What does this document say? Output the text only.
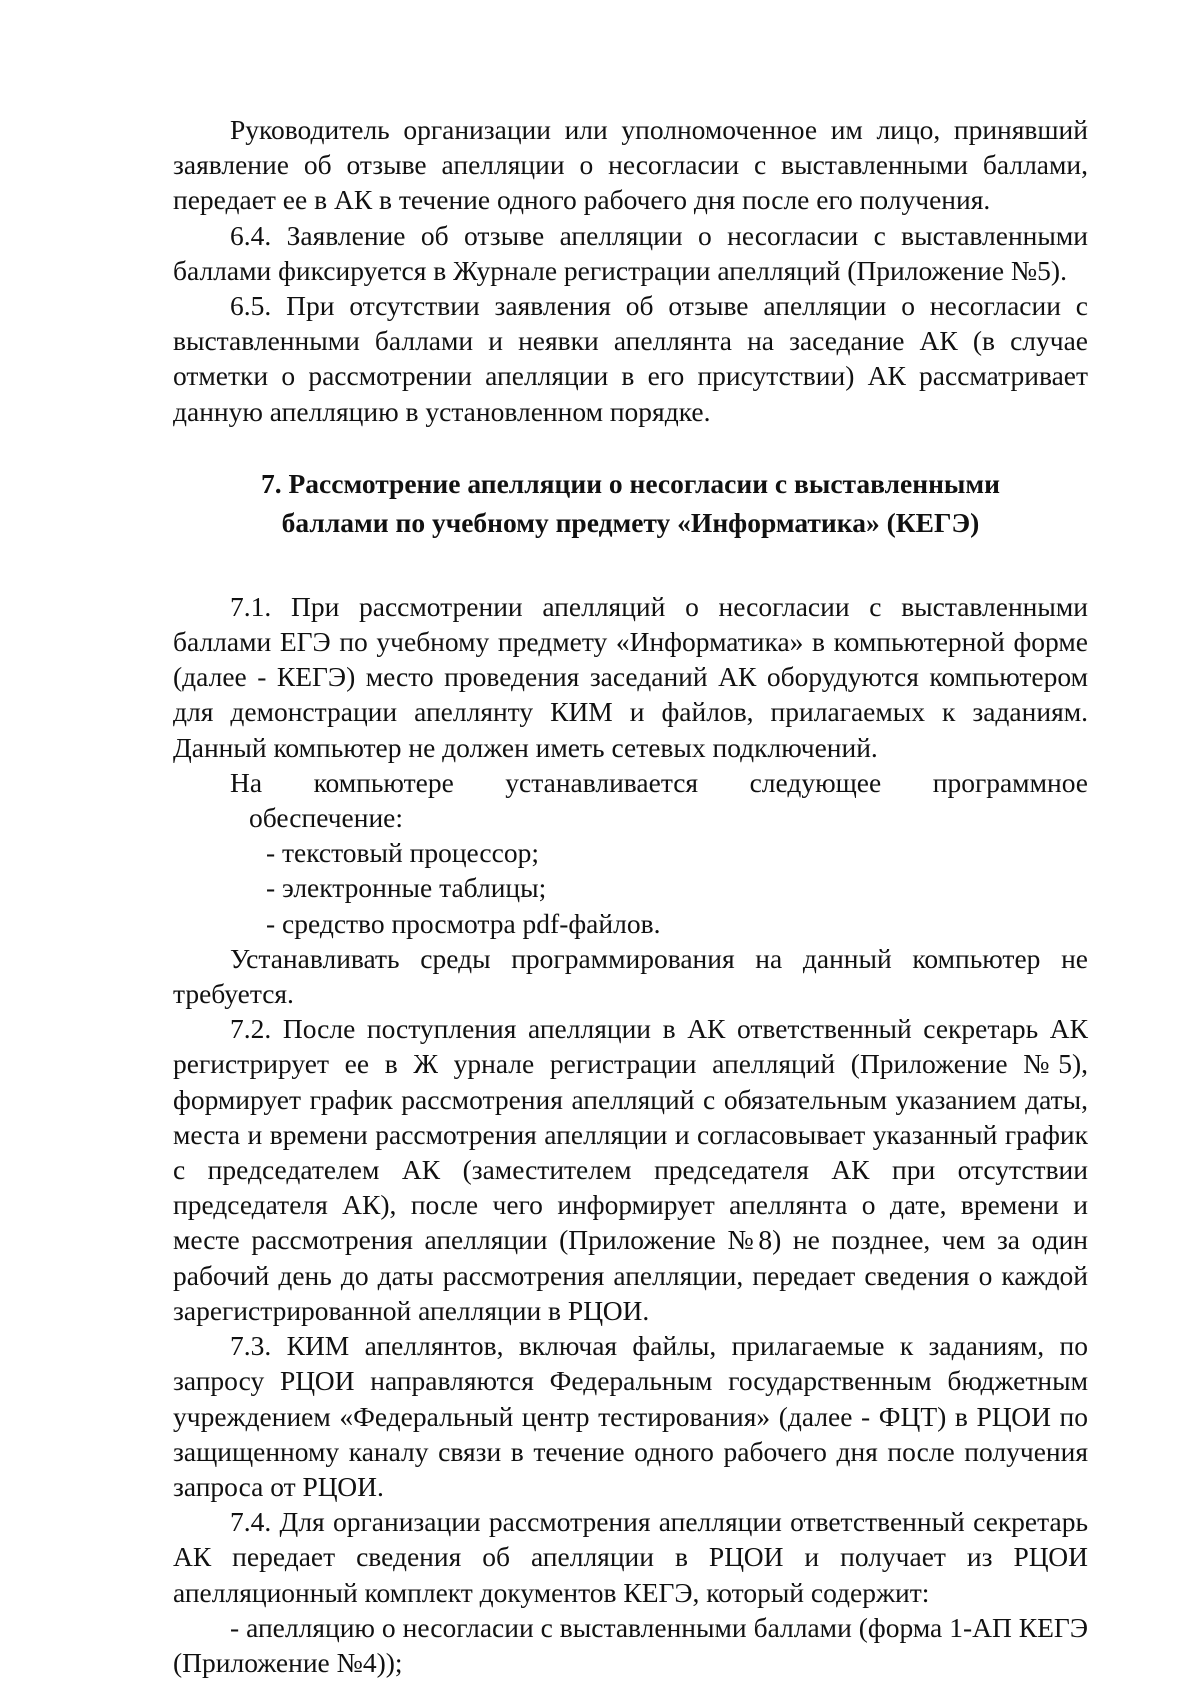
Руководитель организации или уполномоченное им лицо, принявший заявление об отзыве апелляции о несогласии с выставленными баллами, передает ее в АК в течение одного рабочего дня после его получения.

6.4. Заявление об отзыве апелляции о несогласии с выставленными баллами фиксируется в Журнале регистрации апелляций (Приложение №5).

6.5. При отсутствии заявления об отзыве апелляции о несогласии с выставленными баллами и неявки апеллянта на заседание АК (в случае отметки о рассмотрении апелляции в его присутствии) АК рассматривает данную апелляцию в установленном порядке.

7. Рассмотрение апелляции о несогласии с выставленными

баллами по учебному предмету «Информатика» (КЕГЭ)

7.1. При рассмотрении апелляций о несогласии с выставленными баллами ЕГЭ по учебному предмету «Информатика» в компьютерной форме (далее - КЕГЭ) место проведения заседаний АК оборудуются компьютером для демонстрации апеллянту КИМ и файлов, прилагаемых к заданиям. Данный компьютер не должен иметь сетевых подключений.

На компьютере устанавливается следующее программное

обеспечение:

- текстовый процессор;

- электронные таблицы;

- средство просмотра pdf-файлов.

Устанавливать среды программирования на данный компьютер не требуется.

7.2. После поступления апелляции в АК ответственный секретарь АК регистрирует ее в Ж урнале регистрации апелляций (Приложение №5), формирует график рассмотрения апелляций с обязательным указанием даты, места и времени рассмотрения апелляции и согласовывает указанный график с председателем АК (заместителем председателя АК при отсутствии председателя АК), после чего информирует апеллянта о дате, времени и месте рассмотрения апелляции (Приложение №8) не позднее, чем за один рабочий день до даты рассмотрения апелляции, передает сведения о каждой зарегистрированной апелляции в РЦОИ.

7.3. КИМ апеллянтов, включая файлы, прилагаемые к заданиям, по запросу РЦОИ направляются Федеральным государственным бюджетным учреждением «Федеральный центр тестирования» (далее - ФЦТ) в РЦОИ по защищенному каналу связи в течение одного рабочего дня после получения запроса от РЦОИ.

7.4. Для организации рассмотрения апелляции ответственный секретарь АК передает сведения об апелляции в РЦОИ и получает из РЦОИ апелляционный комплект документов КЕГЭ, который содержит:

- апелляцию о несогласии с выставленными баллами (форма 1-АП КЕГЭ (Приложение №4));
